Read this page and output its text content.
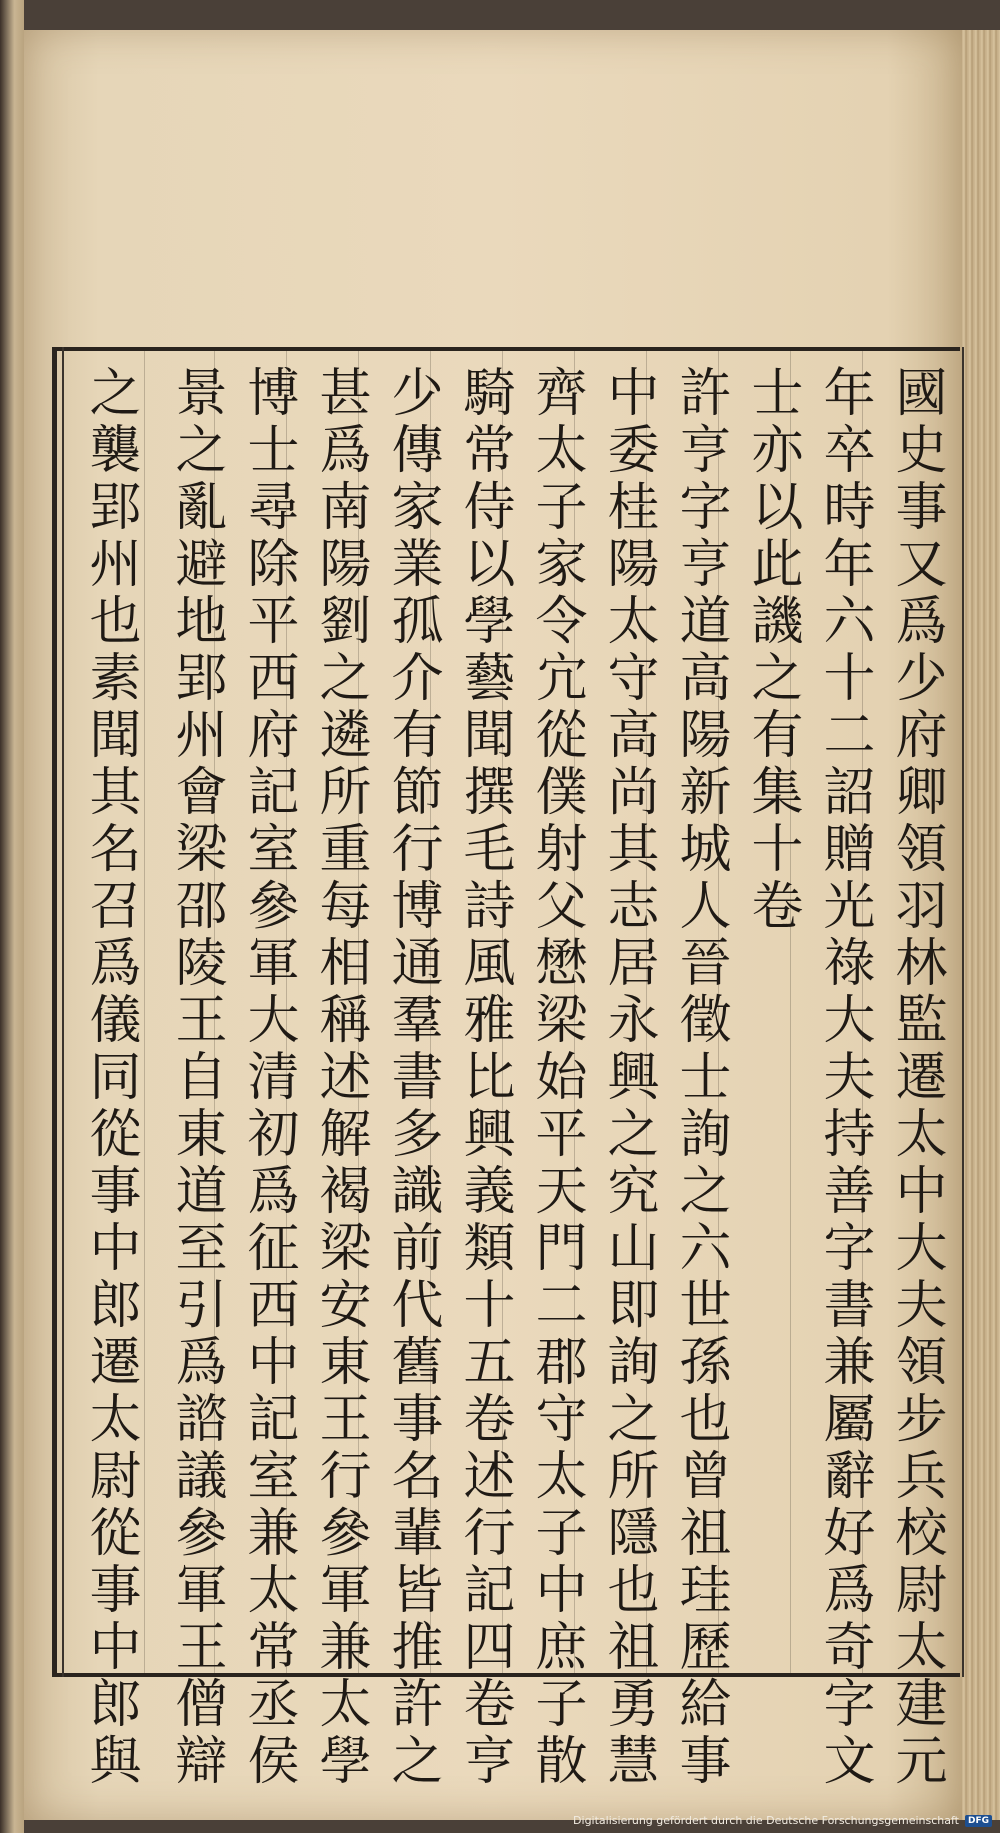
國史事又爲少府卿領羽林監遷太中大夫領步兵校尉太建元
年卒時年六十二詔贈光祿大夫持善字書兼屬辭好爲奇字文
士亦以此譏之有集十卷
許亨字亨道高陽新城人晉徵士詢之六世孫也曾祖珪歷給事
中委桂陽太守高尚其志居永興之究山即詢之所隱也祖勇慧
齊太子家令宂從僕射父懋梁始平天門二郡守太子中庶子散
騎常侍以學藝聞撰毛詩風雅比興義類十五卷述行記四卷亨
少傳家業孤介有節行博通羣書多識前代舊事名輩皆推許之
甚爲南陽劉之遴所重每相稱述解褐梁安東王行參軍兼太學
博士尋除平西府記室參軍大清初爲征西中記室兼太常丞侯
景之亂避地郢州會梁邵陵王自東道至引爲諮議參軍王僧辯
之襲郢州也素聞其名召爲儀同從事中郎遷太尉從事中郎與
Digitalisierung gefördert durch die Deutsche Forschungsgemeinschaft	DFG
